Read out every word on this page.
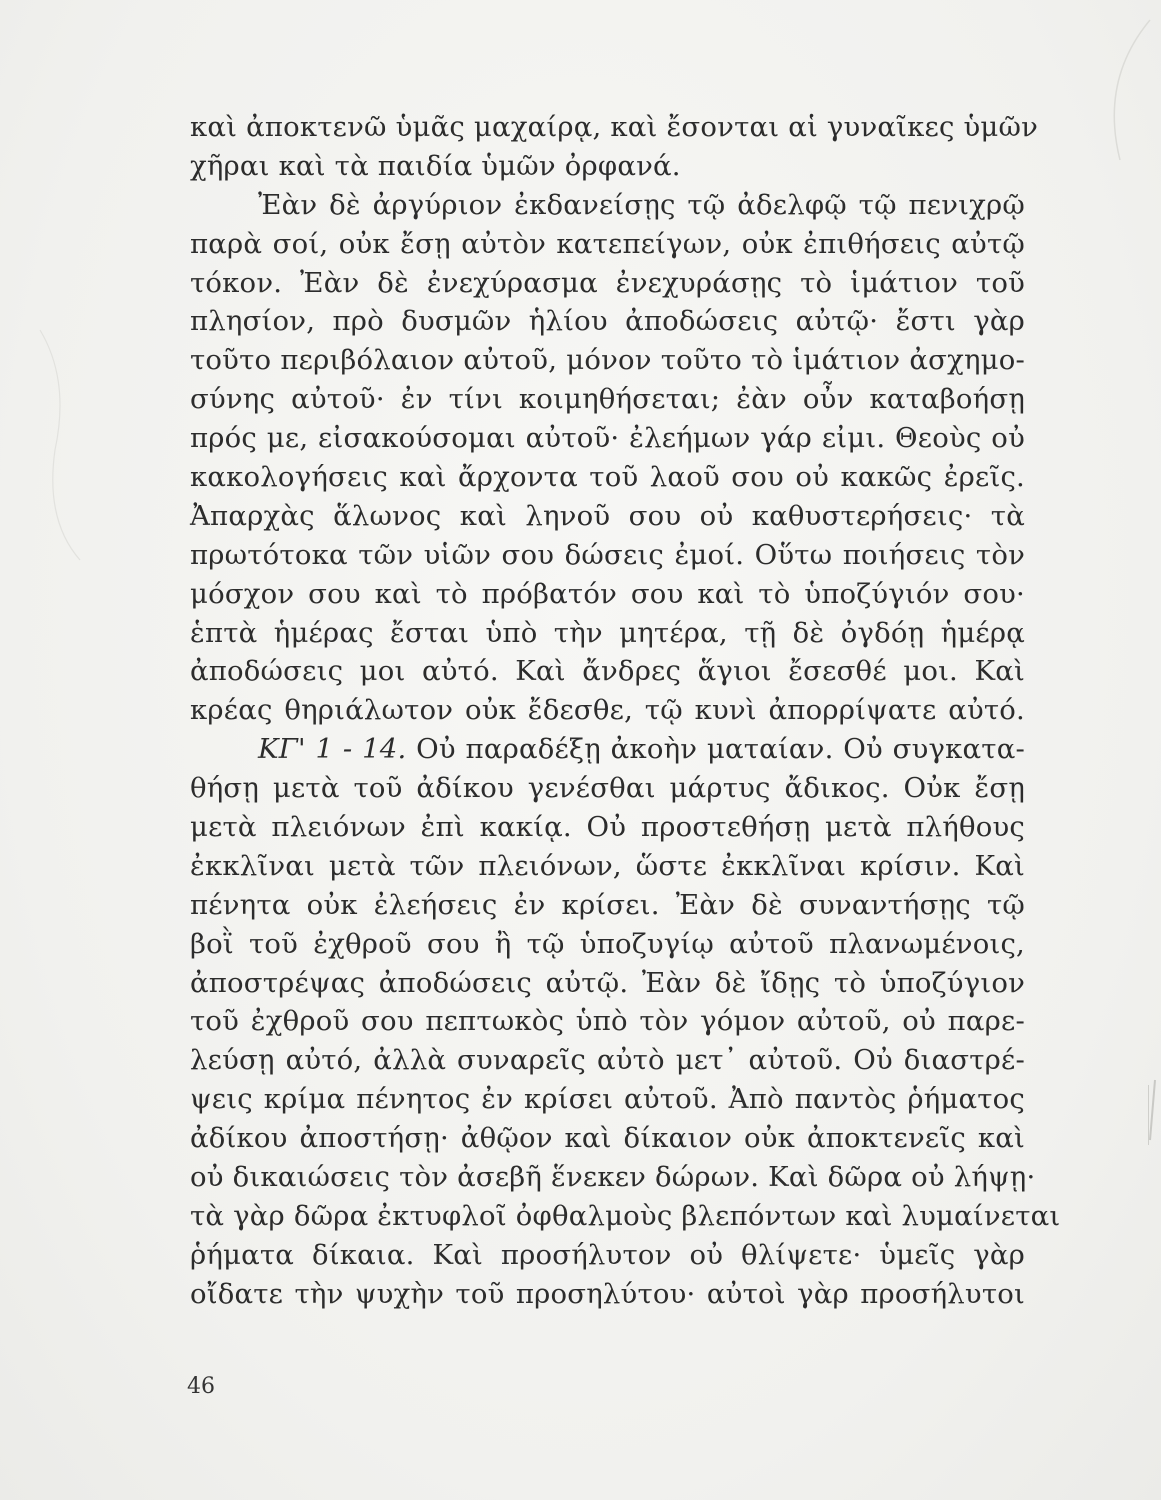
καὶ ἀποκτενῶ ὑμᾶς μαχαίρᾳ, καὶ ἔσονται αἱ γυναῖκες ὑμῶν
χῆραι καὶ τὰ παιδία ὑμῶν ὀρφανά.
Ἐὰν δὲ ἀργύριον ἐκδανείσῃς τῷ ἀδελφῷ τῷ πενιχρῷ
παρὰ σοί, οὐκ ἔσῃ αὐτὸν κατεπείγων, οὐκ ἐπιθήσεις αὐτῷ
τόκον. Ἐὰν δὲ ἐνεχύρασμα ἐνεχυράσῃς τὸ ἱμάτιον τοῦ
πλησίον, πρὸ δυσμῶν ἡλίου ἀποδώσεις αὐτῷ· ἔστι γὰρ
τοῦτο περιβόλαιον αὐτοῦ, μόνον τοῦτο τὸ ἱμάτιον ἀσχημο-
σύνης αὐτοῦ· ἐν τίνι κοιμηθήσεται; ἐὰν οὖν καταβοήσῃ
πρός με, εἰσακούσομαι αὐτοῦ· ἐλεήμων γάρ εἰμι. Θεοὺς οὐ
κακολογήσεις καὶ ἄρχοντα τοῦ λαοῦ σου οὐ κακῶς ἐρεῖς.
Ἀπαρχὰς ἅλωνος καὶ ληνοῦ σου οὐ καθυστερήσεις· τὰ
πρωτότοκα τῶν υἱῶν σου δώσεις ἐμοί. Οὕτω ποιήσεις τὸν
μόσχον σου καὶ τὸ πρόβατόν σου καὶ τὸ ὑποζύγιόν σου·
ἑπτὰ ἡμέρας ἔσται ὑπὸ τὴν μητέρα, τῇ δὲ ὀγδόῃ ἡμέρᾳ
ἀποδώσεις μοι αὐτό. Καὶ ἄνδρες ἅγιοι ἔσεσθέ μοι. Καὶ
κρέας θηριάλωτον οὐκ ἔδεσθε, τῷ κυνὶ ἀπορρίψατε αὐτό.
ΚΓ' 1 - 14. Οὐ παραδέξῃ ἀκοὴν ματαίαν. Οὐ συγκατα-
θήσῃ μετὰ τοῦ ἀδίκου γενέσθαι μάρτυς ἄδικος. Οὐκ ἔσῃ
μετὰ πλειόνων ἐπὶ κακίᾳ. Οὐ προστεθήσῃ μετὰ πλήθους
ἐκκλῖναι μετὰ τῶν πλειόνων, ὥστε ἐκκλῖναι κρίσιν. Καὶ
πένητα οὐκ ἐλεήσεις ἐν κρίσει. Ἐὰν δὲ συναντήσῃς τῷ
βοῒ τοῦ ἐχθροῦ σου ἢ τῷ ὑποζυγίῳ αὐτοῦ πλανωμένοις,
ἀποστρέψας ἀποδώσεις αὐτῷ. Ἐὰν δὲ ἴδῃς τὸ ὑποζύγιον
τοῦ ἐχθροῦ σου πεπτωκὸς ὑπὸ τὸν γόμον αὐτοῦ, οὐ παρε-
λεύσῃ αὐτό, ἀλλὰ συναρεῖς αὐτὸ μετ᾽ αὐτοῦ. Οὐ διαστρέ-
ψεις κρίμα πένητος ἐν κρίσει αὐτοῦ. Ἀπὸ παντὸς ῥήματος
ἀδίκου ἀποστήσῃ· ἀθῷον καὶ δίκαιον οὐκ ἀποκτενεῖς καὶ
οὐ δικαιώσεις τὸν ἀσεβῆ ἕνεκεν δώρων. Καὶ δῶρα οὐ λήψῃ·
τὰ γὰρ δῶρα ἐκτυφλοῖ ὀφθαλμοὺς βλεπόντων καὶ λυμαίνεται
ῥήματα δίκαια. Καὶ προσήλυτον οὐ θλίψετε· ὑμεῖς γὰρ
οἴδατε τὴν ψυχὴν τοῦ προσηλύτου· αὐτοὶ γὰρ προσήλυτοι
46
